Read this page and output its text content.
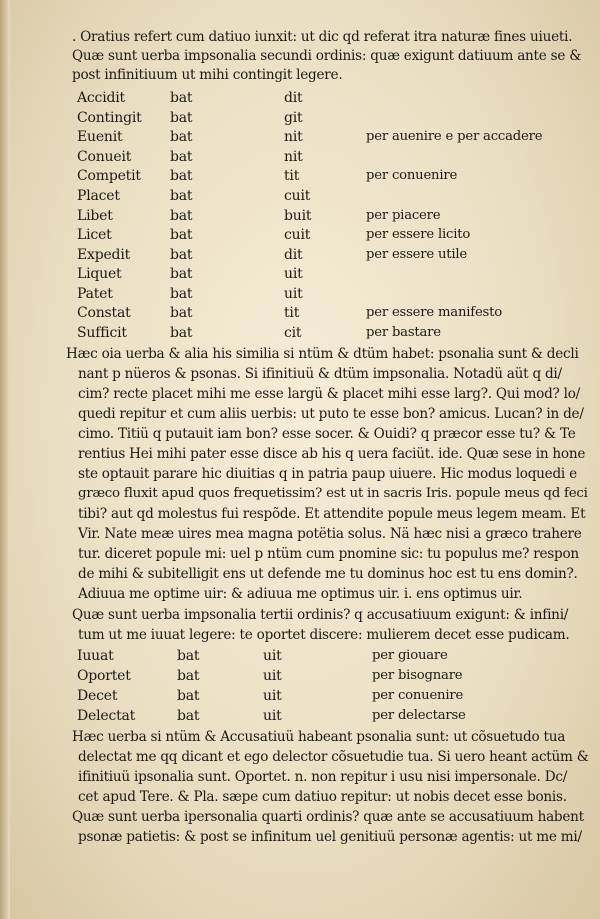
. Oratius refert cum datiuo iunxit: ut dic qd referat itra naturæ fines uiueti.
Quæ sunt uerba impsonalia secundi ordinis: quæ exigunt datiuum ante se &
post infinitiuum ut mihi contingit legere.
Accidit	bat	dit
Contingit bat	git
Euenit	bat	nit	per auenire e per accadere
Conueit	bat	nit
Competit bat	tit	per conuenire
Placet	bat	cuit
Libet	bat	buit	per piacere
Licet	bat	cuit	per essere licito
Expedit	bat	dit	per essere utile
Liquet	bat	uit
Patet	bat	uit
Constat	bat	tit	per essere manifesto
Sufficit	bat	cit	per bastare
Hæc oia uerba & alia his similia si ntüm & dtüm habet: psonalia sunt & decli
nant p nüeros & psonas. Si ifinitiuü & dtüm impsonalia. Notadü aüt q di/
cim? recte placet mihi me esse largü & placet mihi esse larg?. Qui mod? lo/
quedi repitur et cum aliis uerbis: ut puto te esse bon? amicus. Lucan? in de/
cimo. Titiü q putauit iam bon? esse socer. & Ouidi? q præcor esse tu? & Te
rentius Hei mihi pater esse disce ab his q uera faciüt. ide. Quæ sese in hone
ste optauit parare hic diuitias q in patria paup uiuere. Hic modus loquedi e
græco fluxit apud quos frequetissim? est ut in sacris Iris. popule meus qd feci
tibi? aut qd molestus fui respõde. Et attendite popule meus legem meam. Et
Vir. Nate meæ uires mea magna potëtia solus. Nä hæc nisi a græco trahere
tur. diceret popule mi: uel p ntüm cum pnomine sic: tu populus me? respon
de mihi & subitelligit ens ut defende me tu dominus hoc est tu ens domin?.
Adiuua me optime uir: & adiuua me optimus uir. i. ens optimus uir.
Quæ sunt uerba impsonalia tertii ordinis? q accusatiuum exigunt: & infini/
tum ut me iuuat legere: te oportet discere: mulierem decet esse pudicam.
Iuuat	bat	uit	per giouare
Oportet	bat	uit	per bisognare
Decet	bat	uit	per conuenire
Delectat	bat	uit	per delectarse
Hæc uerba si ntüm & Accusatiuü habeant psonalia sunt: ut cõsuetudo tua
delectat me qq dicant et ego delector cõsuetudie tua. Si uero heant actüm &
ifinitiuü ipsonalia sunt. Oportet. n. non repitur i usu nisi impersonale. Dc/
cet apud Tere. & Pla. sæpe cum datiuo repitur: ut nobis decet esse bonis.
Quæ sunt uerba ipersonalia quarti ordinis? quæ ante se accusatiuum habent
psonæ patietis: & post se infinitum uel genitiuü personæ agentis: ut me mi/
